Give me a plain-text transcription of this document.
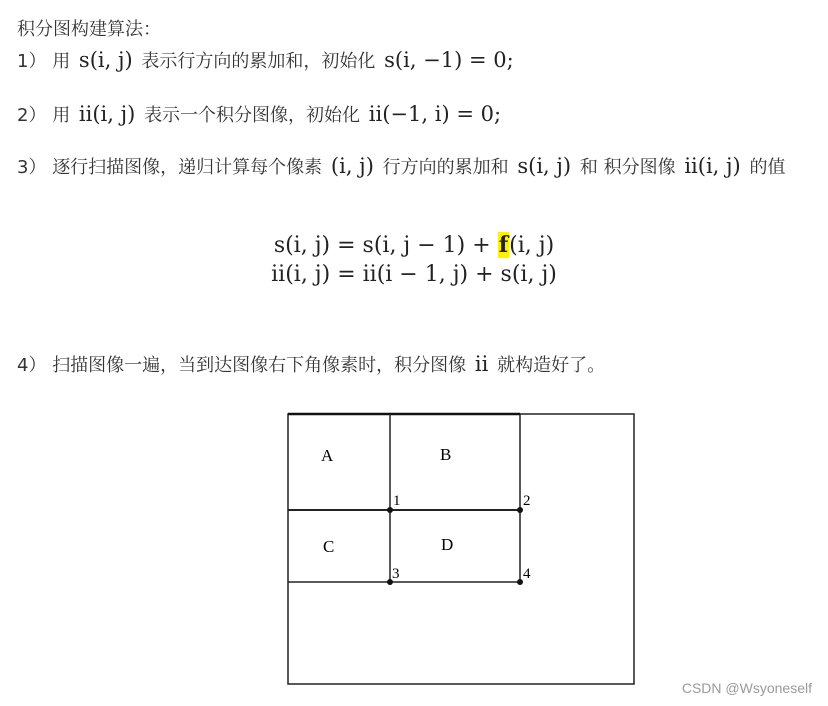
积分图构建算法：
1） 用 s(i, j) 表示行方向的累加和，初始化 s(i, −1) = 0;
2） 用 ii(i, j) 表示一个积分图像，初始化 ii(−1, i) = 0;
3） 逐行扫描图像，递归计算每个像素 (i, j) 行方向的累加和 s(i, j) 和 积分图像 ii(i, j) 的值
s(i, j) = s(i, j − 1) + f(i, j)
ii(i, j) = ii(i − 1, j) + s(i, j)
4） 扫描图像一遍，当到达图像右下角像素时，积分图像 ii 就构造好了。
A	B
C	D
1	2
3	4
CSDN @Wsyoneself
